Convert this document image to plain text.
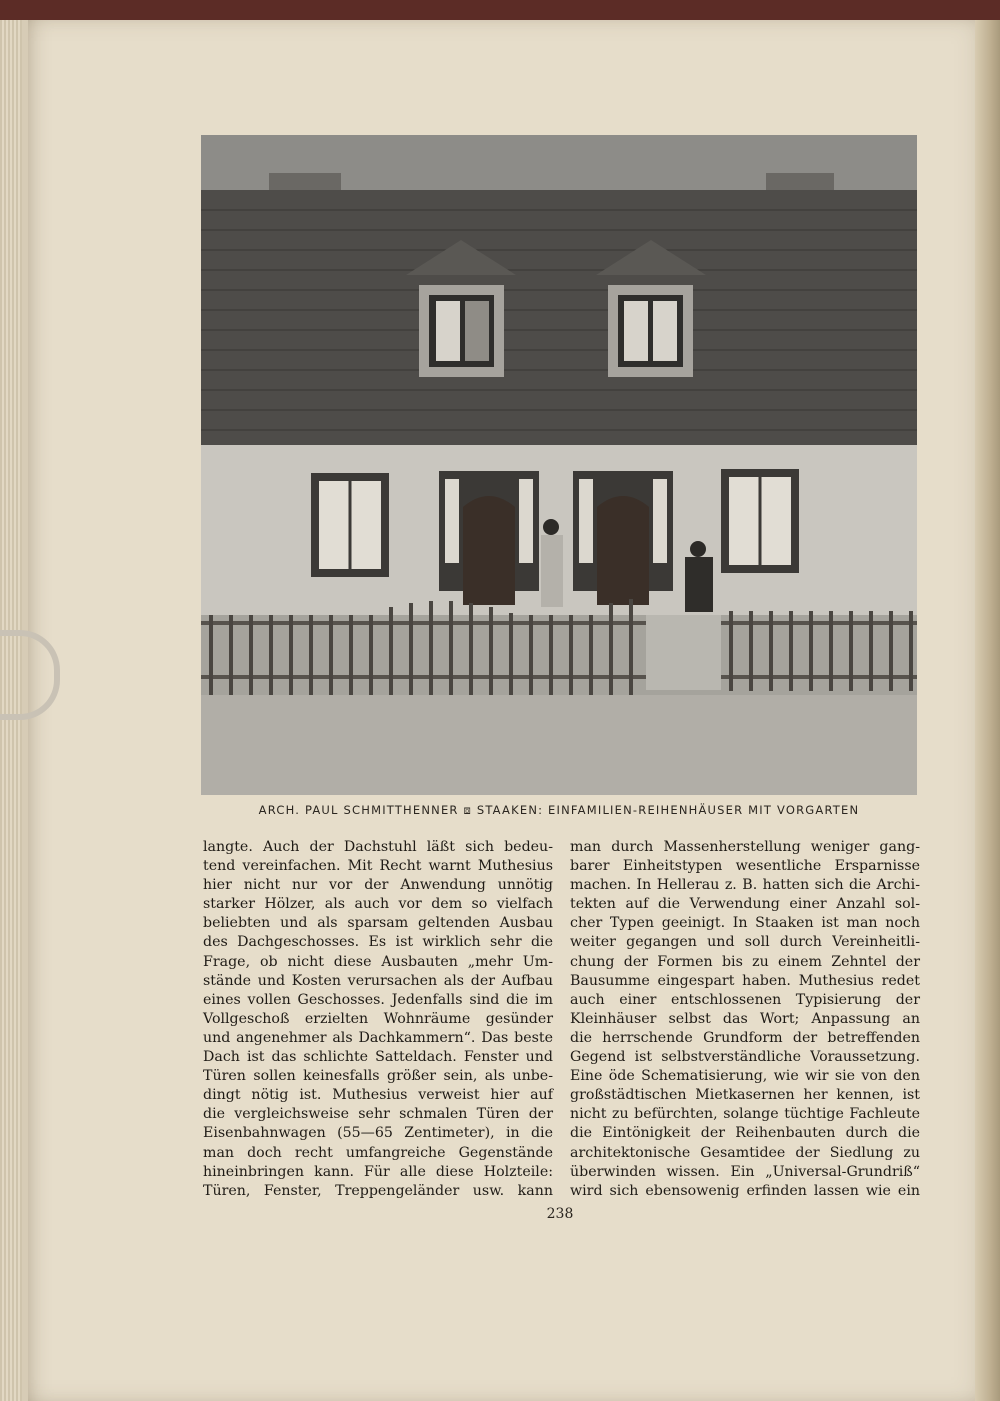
ARCH. PAUL SCHMITTHENNER ⧈ STAAKEN: EINFAMILIEN-REIHENHÄUSER MIT VORGARTEN
langte. Auch der Dachstuhl läßt sich bedeu-
tend vereinfachen. Mit Recht warnt Muthesius
hier nicht nur vor der Anwendung unnötig
starker Hölzer, als auch vor dem so vielfach
beliebten und als sparsam geltenden Ausbau
des Dachgeschosses. Es ist wirklich sehr die
Frage, ob nicht diese Ausbauten „mehr Um-
stände und Kosten verursachen als der Aufbau
eines vollen Geschosses. Jedenfalls sind die im
Vollgeschoß erzielten Wohnräume gesünder
und angenehmer als Dachkammern“. Das beste
Dach ist das schlichte Satteldach. Fenster und
Türen sollen keinesfalls größer sein, als unbe-
dingt nötig ist. Muthesius verweist hier auf
die vergleichsweise sehr schmalen Türen der
Eisenbahnwagen (55—65 Zentimeter), in die
man doch recht umfangreiche Gegenstände
hineinbringen kann. Für alle diese Holzteile:
Türen, Fenster, Treppengeländer usw. kann
man durch Massenherstellung weniger gang-
barer Einheitstypen wesentliche Ersparnisse
machen. In Hellerau z. B. hatten sich die Archi-
tekten auf die Verwendung einer Anzahl sol-
cher Typen geeinigt. In Staaken ist man noch
weiter gegangen und soll durch Vereinheitli-
chung der Formen bis zu einem Zehntel der
Bausumme eingespart haben. Muthesius redet
auch einer entschlossenen Typisierung der
Kleinhäuser selbst das Wort; Anpassung an
die herrschende Grundform der betreffenden
Gegend ist selbstverständliche Voraussetzung.
Eine öde Schematisierung, wie wir sie von den
großstädtischen Mietkasernen her kennen, ist
nicht zu befürchten, solange tüchtige Fachleute
die Eintönigkeit der Reihenbauten durch die
architektonische Gesamtidee der Siedlung zu
überwinden wissen. Ein „Universal-Grundriß“
wird sich ebensowenig erfinden lassen wie ein
238
